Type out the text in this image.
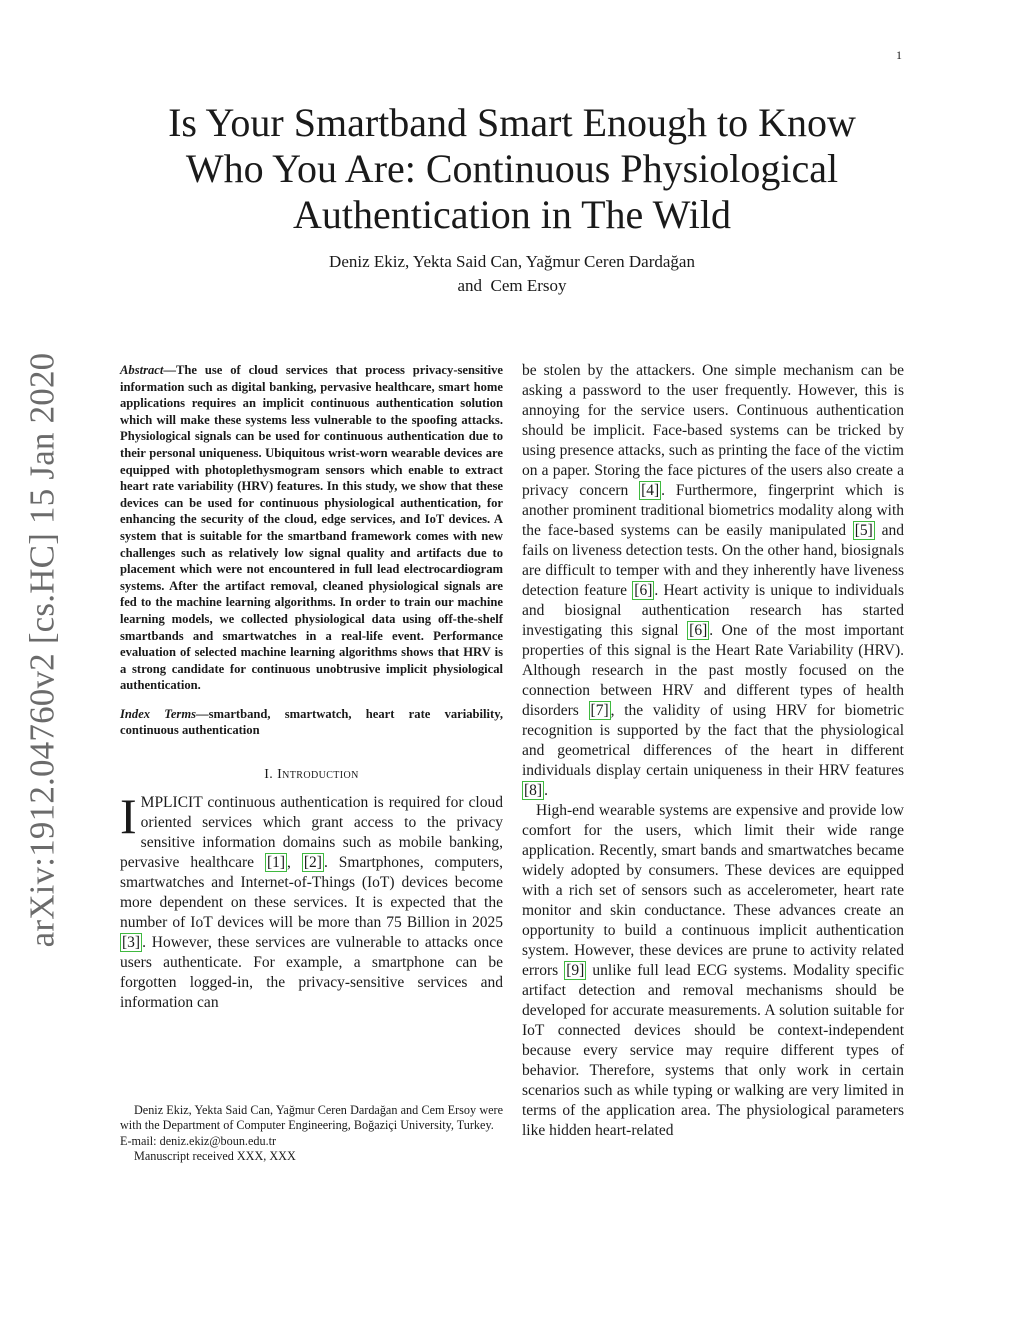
1
arXiv:1912.04760v2 [cs.HC] 15 Jan 2020
Is Your Smartband Smart Enough to Know
Who You Are: Continuous Physiological
Authentication in The Wild
Deniz Ekiz, Yekta Said Can, Yağmur Ceren Dardağan
and  Cem Ersoy

Abstract—The use of cloud services that process privacy-sensitive information such as digital banking, pervasive healthcare, smart home applications requires an implicit continuous authentication solution which will make these systems less vulnerable to the spoofing attacks. Physiological signals can be used for continuous authentication due to their personal uniqueness. Ubiquitous wrist-worn wearable devices are equipped with photoplethysmogram sensors which enable to extract heart rate variability (HRV) features. In this study, we show that these devices can be used for continuous physiological authentication, for enhancing the security of the cloud, edge services, and IoT devices. A system that is suitable for the smartband framework comes with new challenges such as relatively low signal quality and artifacts due to placement which were not encountered in full lead electrocardiogram systems. After the artifact removal, cleaned physiological signals are fed to the machine learning algorithms. In order to train our machine learning models, we collected physiological data using off-the-shelf smartbands and smartwatches in a real-life event. Performance evaluation of selected machine learning algorithms shows that HRV is a strong candidate for continuous unobtrusive implicit physiological authentication.

Index Terms—smartband, smartwatch, heart rate variability, continuous authentication

I. Introduction

IMPLICIT continuous authentication is required for cloud oriented services which grant access to the privacy sensitive information domains such as mobile banking, pervasive healthcare [1] , [2] . Smartphones, computers, smartwatches and Internet-of-Things (IoT) devices become more dependent on these services. It is expected that the number of IoT devices will be more than 75 Billion in 2025 [3] . However, these services are vulnerable to attacks once users authenticate. For example, a smartphone can be forgotten logged-in, the privacy-sensitive services and information can

Deniz Ekiz, Yekta Said Can, Yağmur Ceren Dardağan and Cem Ersoy were with the Department of Computer Engineering, Boğaziçi University, Turkey.

E-mail: deniz.ekiz@boun.edu.tr

Manuscript received XXX, XXX

be stolen by the attackers. One simple mechanism can be asking a password to the user frequently. However, this is annoying for the service users. Continuous authentication should be implicit. Face-based systems can be tricked by using presence attacks, such as printing the face of the victim on a paper. Storing the face pictures of the users also create a privacy concern [4] . Furthermore, fingerprint which is another prominent traditional biometrics modality along with the face-based systems can be easily manipulated [5] and fails on liveness detection tests. On the other hand, biosignals are difficult to temper with and they inherently have liveness detection feature [6] . Heart activity is unique to individuals and biosignal authentication research has started investigating this signal [6] . One of the most important properties of this signal is the Heart Rate Variability (HRV). Although research in the past mostly focused on the connection between HRV and different types of health disorders [7] , the validity of using HRV for biometric recognition is supported by the fact that the physiological and geometrical differences of the heart in different individuals display certain uniqueness in their HRV features [8] .

High-end wearable systems are expensive and provide low comfort for the users, which limit their wide range application. Recently, smart bands and smartwatches became widely adopted by consumers. These devices are equipped with a rich set of sensors such as accelerometer, heart rate monitor and skin conductance. These advances create an opportunity to build a continuous implicit authentication system. However, these devices are prune to activity related errors [9] unlike full lead ECG systems. Modality specific artifact detection and removal mechanisms should be developed for accurate measurements. A solution suitable for IoT connected devices should be context-independent because every service may require different types of behavior. Therefore, systems that only work in certain scenarios such as while typing or walking are very limited in terms of the application area. The physiological parameters like hidden heart-related
